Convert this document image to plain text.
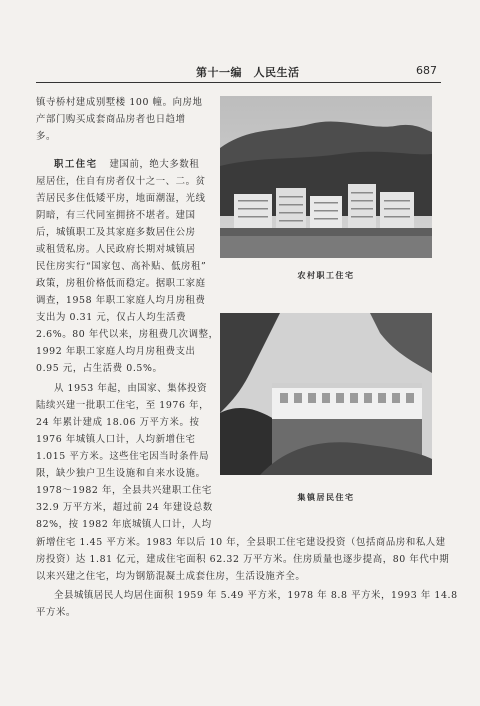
第十一编　人民生活	687
镇寺桥村建成别墅楼 100 幢。向房地
产部门购买成套商品房者也日趋增
多。
职工住宅 建国前，绝大多数租
屋居住，住自有房者仅十之一、二。贫
苦居民多住低矮平房，地面潮湿，光线
阴暗，有三代同室拥挤不堪者。建国
后，城镇职工及其家庭多数居住公房
或租赁私房。人民政府长期对城镇居
民住房实行“国家包、高补贴、低房租”
政策，房租价格低而稳定。据职工家庭
调查，1958 年职工家庭人均月房租费
支出为 0.31 元，仅占人均生活费
2.6%。80 年代以来，房租费几次调整，
1992 年职工家庭人均月房租费支出
0.95 元，占生活费 0.5%。
从 1953 年起，由国家、集体投资
陆续兴建一批职工住宅，至 1976 年，
24 年累计建成 18.06 万平方米。按
1976 年城镇人口计，人均新增住宅
1.015 平方米。这些住宅因当时条件局
限，缺少独户卫生设施和自来水设施。
1978～1982 年，全县共兴建职工住宅
32.9 万平方米，超过前 24 年建设总数
82%，按 1982 年底城镇人口计，人均
新增住宅 1.45 平方米。1983 年以后 10 年，全县职工住宅建设投资（包括商品房和私人建
房投资）达 1.81 亿元，建成住宅面积 62.32 万平方米。住房质量也逐步提高，80 年代中期
以来兴建之住宅，均为钢筋混凝土成套住房，生活设施齐全。
全县城镇居民人均居住面积 1959 年 5.49 平方米，1978 年 8.8 平方米，1993 年 14.8
平方米。
农村职工住宅
集镇居民住宅
